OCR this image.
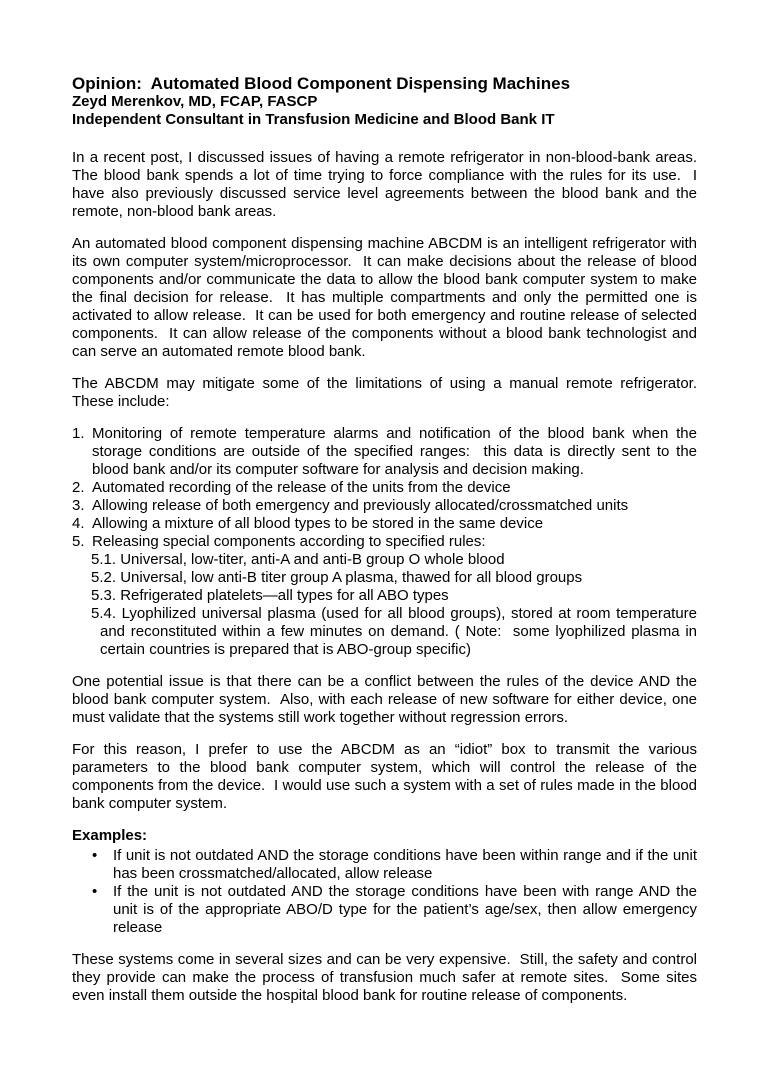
Opinion:  Automated Blood Component Dispensing Machines
Zeyd Merenkov, MD, FCAP, FASCP
Independent Consultant in Transfusion Medicine and Blood Bank IT

In a recent post, I discussed issues of having a remote refrigerator in non-blood-bank areas.  The blood bank spends a lot of time trying to force compliance with the rules for its use.  I have also previously discussed service level agreements between the blood bank and the remote, non-blood bank areas.

An automated blood component dispensing machine ABCDM is an intelligent refrigerator with its own computer system/microprocessor.  It can make decisions about the release of blood components and/or communicate the data to allow the blood bank computer system to make the final decision for release.  It has multiple compartments and only the permitted one is activated to allow release.  It can be used for both emergency and routine release of selected components.  It can allow release of the components without a blood bank technologist and can serve an automated remote blood bank.

The ABCDM may mitigate some of the limitations of using a manual remote refrigerator.  These include:

1. Monitoring of remote temperature alarms and notification of the blood bank when the storage conditions are outside of the specified ranges:  this data is directly sent to the blood bank and/or its computer software for analysis and decision making.
2. Automated recording of the release of the units from the device
3. Allowing release of both emergency and previously allocated/crossmatched units
4. Allowing a mixture of all blood types to be stored in the same device
5. Releasing special components according to specified rules:
5.1. Universal, low-titer, anti-A and anti-B group O whole blood
5.2. Universal, low anti-B titer group A plasma, thawed for all blood groups
5.3. Refrigerated platelets—all types for all ABO types
5.4. Lyophilized universal plasma (used for all blood groups), stored at room temperature and reconstituted within a few minutes on demand. ( Note:  some lyophilized plasma in certain countries is prepared that is ABO-group specific)

One potential issue is that there can be a conflict between the rules of the device AND the blood bank computer system.  Also, with each release of new software for either device, one must validate that the systems still work together without regression errors.

For this reason, I prefer to use the ABCDM as an “idiot” box to transmit the various parameters to the blood bank computer system, which will control the release of the components from the device.  I would use such a system with a set of rules made in the blood bank computer system.

Examples:
•	If unit is not outdated AND the storage conditions have been within range and if the unit has been crossmatched/allocated, allow release
•	If the unit is not outdated AND the storage conditions have been with range AND the unit is of the appropriate ABO/D type for the patient’s age/sex, then allow emergency release

These systems come in several sizes and can be very expensive.  Still, the safety and control they provide can make the process of transfusion much safer at remote sites.  Some sites even install them outside the hospital blood bank for routine release of components.
